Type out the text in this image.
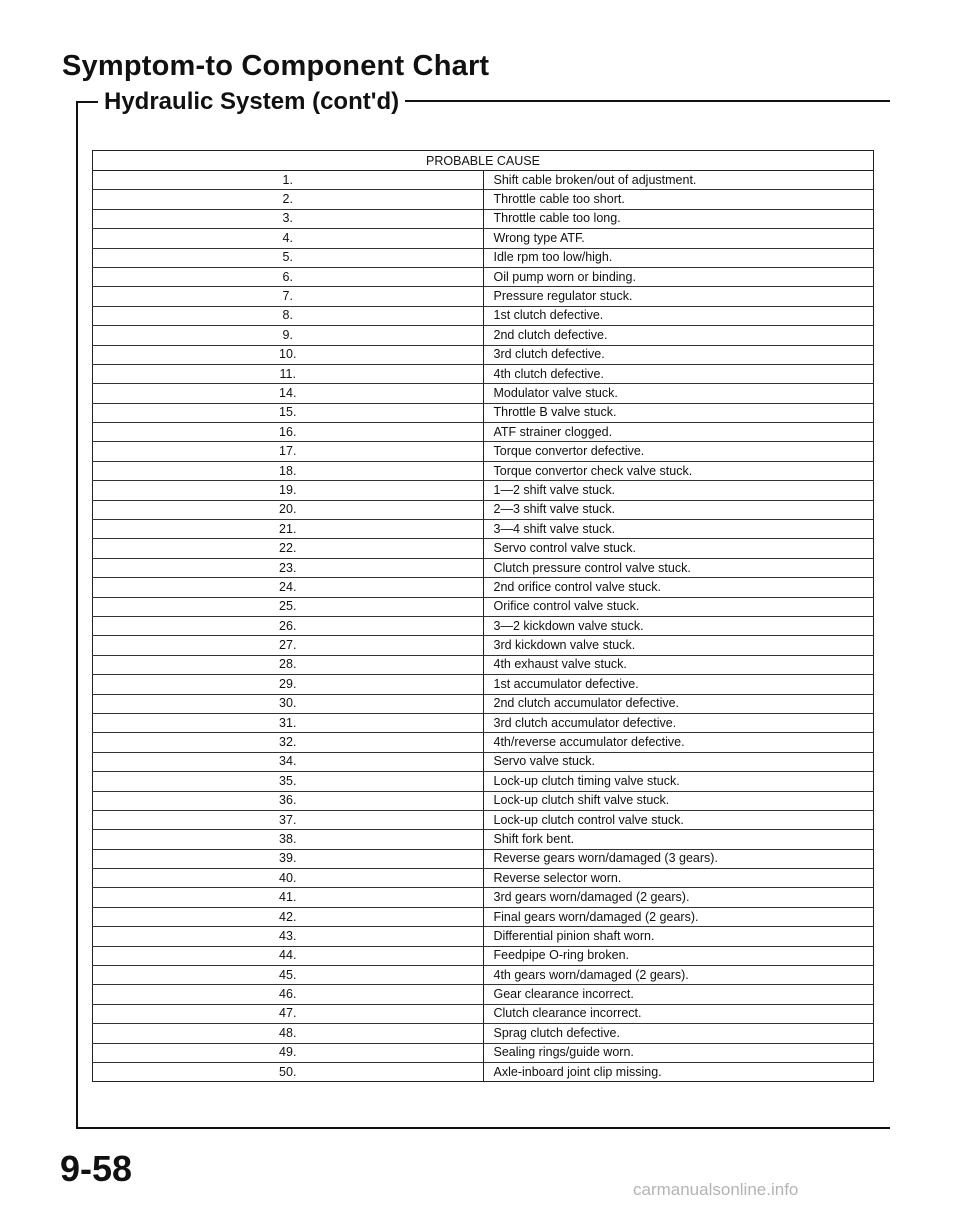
Symptom-to Component Chart
Hydraulic System (cont'd)
PROBABLE CAUSE	
1.	Shift cable broken/out of adjustment.
2.	Throttle cable too short.
3.	Throttle cable too long.
4.	Wrong type ATF.
5.	Idle rpm too low/high.
6.	Oil pump worn or binding.
7.	Pressure regulator stuck.
8.	1st clutch defective.
9.	2nd clutch defective.
10.	3rd clutch defective.
11.	4th clutch defective.
14.	Modulator valve stuck.
15.	Throttle B valve stuck.
16.	ATF strainer clogged.
17.	Torque convertor defective.
18.	Torque convertor check valve stuck.
19.	1—2 shift valve stuck.
20.	2—3 shift valve stuck.
21.	3—4 shift valve stuck.
22.	Servo control valve stuck.
23.	Clutch pressure control valve stuck.
24.	2nd orifice control valve stuck.
25.	Orifice control valve stuck.
26.	3—2 kickdown valve stuck.
27.	3rd kickdown valve stuck.
28.	4th exhaust valve stuck.
29.	1st accumulator defective.
30.	2nd clutch accumulator defective.
31.	3rd clutch accumulator defective.
32.	4th/reverse accumulator defective.
34.	Servo valve stuck.
35.	Lock-up clutch timing valve stuck.
36.	Lock-up clutch shift valve stuck.
37.	Lock-up clutch control valve stuck.
38.	Shift fork bent.
39.	Reverse gears worn/damaged (3 gears).
40.	Reverse selector worn.
41.	3rd gears worn/damaged (2 gears).
42.	Final gears worn/damaged (2 gears).
43.	Differential pinion shaft worn.
44.	Feedpipe O-ring broken.
45.	4th gears worn/damaged (2 gears).
46.	Gear clearance incorrect.
47.	Clutch clearance incorrect.
48.	Sprag clutch defective.
49.	Sealing rings/guide worn.
50.	Axle-inboard joint clip missing.
9-58
carmanualsonline.info
